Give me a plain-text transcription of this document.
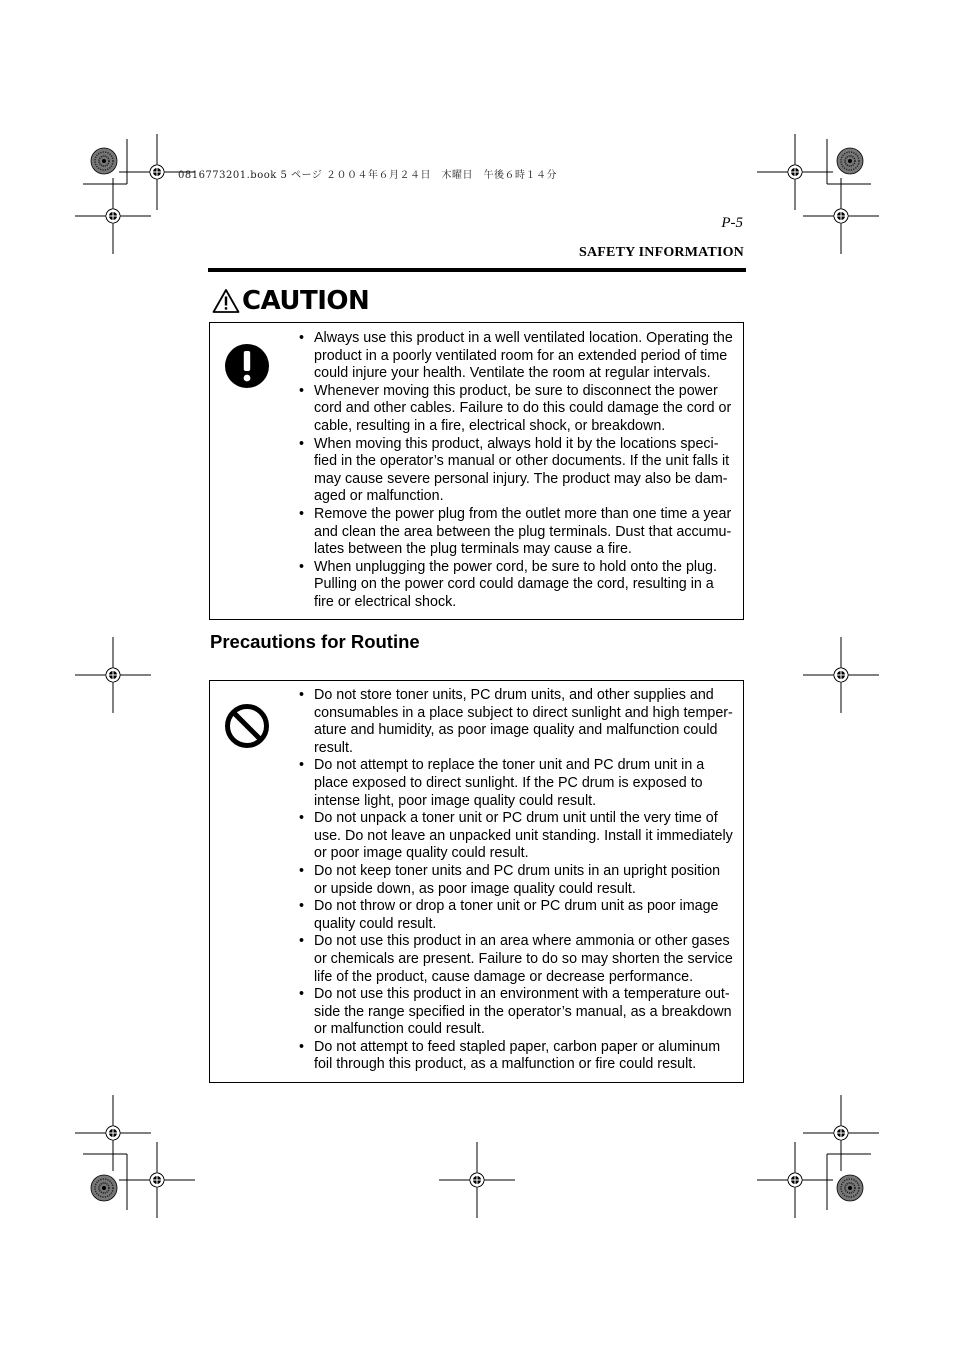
0816773201.book 5 ページ ２００４年６月２４日　木曜日　午後６時１４分
P-5
SAFETY INFORMATION
CAUTION
• Always use this product in a well ventilated location. Operating the product in a poorly ventilated room for an extended period of time could injure your health. Ventilate the room at regular intervals.
• Whenever moving this product, be sure to disconnect the power cord and other cables. Failure to do this could damage the cord or cable, resulting in a fire, electrical shock, or breakdown.
• When moving this product, always hold it by the locations speci-fied in the operator’s manual or other documents. If the unit falls it may cause severe personal injury. The product may also be dam-aged or malfunction.
• Remove the power plug from the outlet more than one time a year and clean the area between the plug terminals. Dust that accumu-lates between the plug terminals may cause a fire.
• When unplugging the power cord, be sure to hold onto the plug. Pulling on the power cord could damage the cord, resulting in a fire or electrical shock.
Precautions for Routine
• Do not store toner units, PC drum units, and other supplies and consumables in a place subject to direct sunlight and high temper-ature and humidity, as poor image quality and malfunction could result.
• Do not attempt to replace the toner unit and PC drum unit in a place exposed to direct sunlight. If the PC drum is exposed to intense light, poor image quality could result.
• Do not unpack a toner unit or PC drum unit until the very time of use. Do not leave an unpacked unit standing. Install it immediately or poor image quality could result.
• Do not keep toner units and PC drum units in an upright position or upside down, as poor image quality could result.
• Do not throw or drop a toner unit or PC drum unit as poor image quality could result.
• Do not use this product in an area where ammonia or other gases or chemicals are present. Failure to do so may shorten the service life of the product, cause damage or decrease performance.
• Do not use this product in an environment with a temperature out-side the range specified in the operator’s manual, as a breakdown or malfunction could result.
• Do not attempt to feed stapled paper, carbon paper or aluminum foil through this product, as a malfunction or fire could result.
